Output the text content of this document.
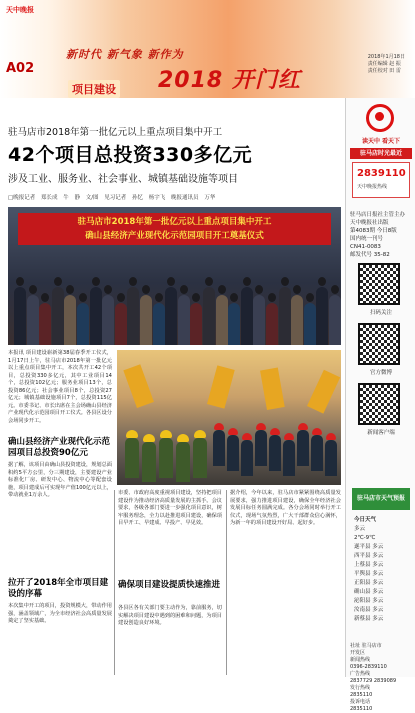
天中晚报
新时代 新气象 新作为
A02
项目建设 2018 开门红
2018年1月18日
责任编辑 赵 振
责任校对 田 雷
驻马店市2018年第一批亿元以上重点项目集中开工
42个项目总投资330多亿元
涉及工业、服务业、社会事业、城镇基础设施等项目
□晚报记者 郑长成 牛 静 文/图 见习记者 孙忆 杨宇飞 晚报通讯员 万华
驻马店市2018年第一批亿元以上重点项目集中开工
确山县经济产业现代化示范园项目开工奠基仪式
本报讯 项目建设崭新第38届春季开工仪式，1月17日上午，驻马店市2018年第一批亿元以上重点项目集中开工，本次共开工42个项目，总投资330多亿元，其中工业项目14个，总投资102亿元；服务业项目13个，总投资86亿元；社会事业项目8个，总投资27亿元；城镇基础设施项目7个，总投资115亿元。市委书记、市长出席在主会场确山县经济产业现代化示范园项目开工仪式。各县区设分会场同步开工。
确山县经济产业现代化示范园项目总投资90亿元
据了解，该项目由确山县投资建设，规划总面积约5平方公里，分三期建设，主要建设产业标准化厂房、研发中心、物流中心等配套设施，项目建成后可实现年产值100亿元以上，带动就业1万余人。
拉开了2018年全市项目建设的序幕
本次集中开工的项目，投资规模大，带动作用强，涵盖领域广，为全市经济社会高质量发展奠定了坚实基础。
市委、市政府高度重视项目建设，坚持把项目建设作为推动经济高质量发展的主抓手。会议要求，各级各部门要进一步强化项目意识，树牢服务理念，全力以赴推进项目建设，确保项目早开工、早建成、早投产、早见效。
确保项目建设提质快速推进
各县区各有关部门要主动作为，靠前服务，切实解决项目建设中遇到的困难和问题，为项目建设创造良好环境。
据介绍，今年以来，驻马店市紧紧围绕高质量发展要求，强力推进项目建设，确保全年经济社会发展目标任务圆满完成。各分会场同时举行开工仪式，现场气氛热烈，广大干部群众信心满怀，为新一年的项目建设开好局、起好步。
读天中 看天下
驻马店时光最近
2839110
天中晚报热线
驻马店日报社主管主办
天中晚报社出版
第4083期 今日8版
国内统一刊号
CN41-0083
邮发代号 35-82
扫码关注
官方微博
新闻客户端
驻马店市天气预报
今日天气
多云
2℃-9℃
遂平县 多云
西平县 多云
上蔡县 多云
平舆县 多云
正阳县 多云
确山县 多云
泌阳县 多云
汝南县 多云
新蔡县 多云
社址 驻马店市
开发区
新闻热线
0396-2839110
广告热线
2837729 2839089
发行热线
2835110
投诉电话
2835110
